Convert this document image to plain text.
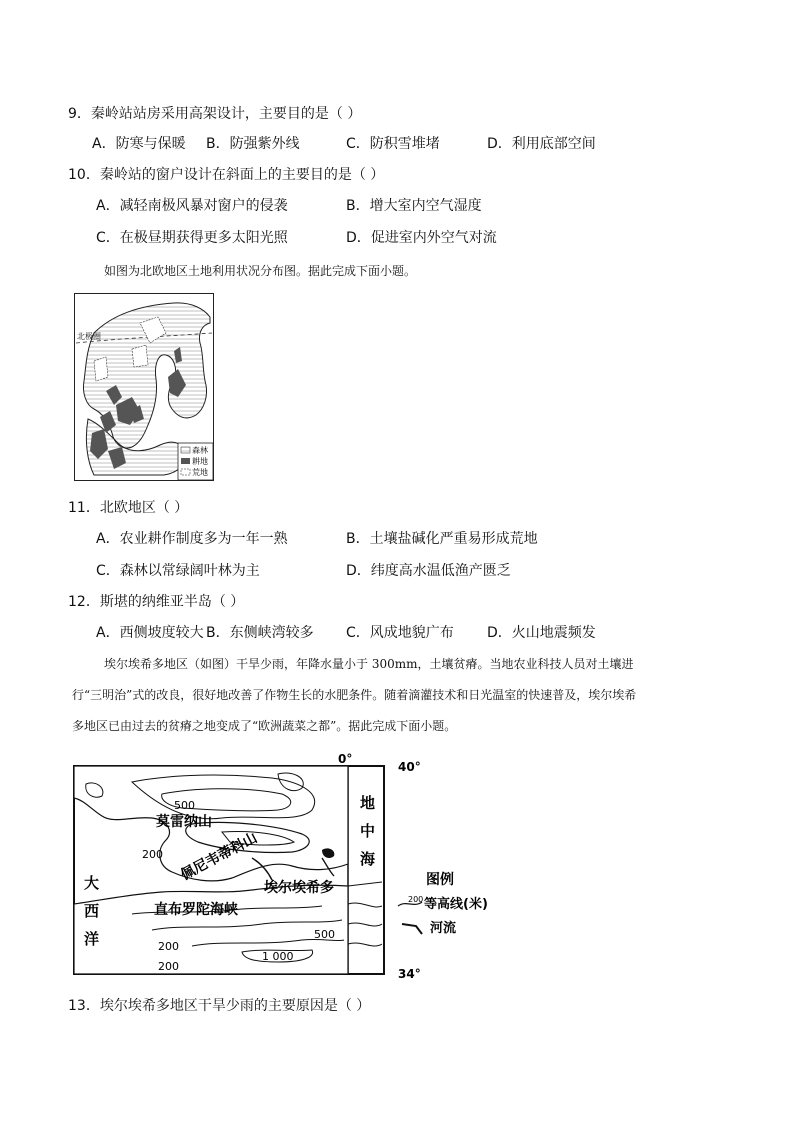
9．秦岭站站房采用高架设计，主要目的是（ ）
A．防寒与保暖 B．防强紫外线	C．防积雪堆堵	D．利用底部空间
10．秦岭站的窗户设计在斜面上的主要目的是（ ）
A．减轻南极风暴对窗户的侵袭	B．增大室内空气湿度
C．在极昼期获得更多太阳光照	D．促进室内外空气对流
如图为北欧地区土地利用状况分布图。据此完成下面小题。
北极圈
森林
耕地
荒地
11．北欧地区（ ）
A．农业耕作制度多为一年一熟	B．土壤盐碱化严重易形成荒地
C．森林以常绿阔叶林为主	D．纬度高水温低渔产匮乏
12．斯堪的纳维亚半岛（ ）
A．西侧坡度较大 B．东侧峡湾较多 C．风成地貌广布 D．火山地震频发
埃尔埃希多地区（如图）干旱少雨，年降水量小于 300mm，土壤贫瘠。当地农业科技人员对土壤进
行“三明治”式的改良，很好地改善了作物生长的水肥条件。随着滴灌技术和日光温室的快速普及，埃尔埃希
多地区已由过去的贫瘠之地变成了“欧洲蔬菜之都”。据此完成下面小题。
0°
40°
34°
莫雷纳山
500
200 佩尼韦蒂科山
埃尔埃希多
直布罗陀海峡
200
500
200
1 000
大
西
洋
地
中
海
图例
200 等高线(米)
河流
13．埃尔埃希多地区干旱少雨的主要原因是（ ）
